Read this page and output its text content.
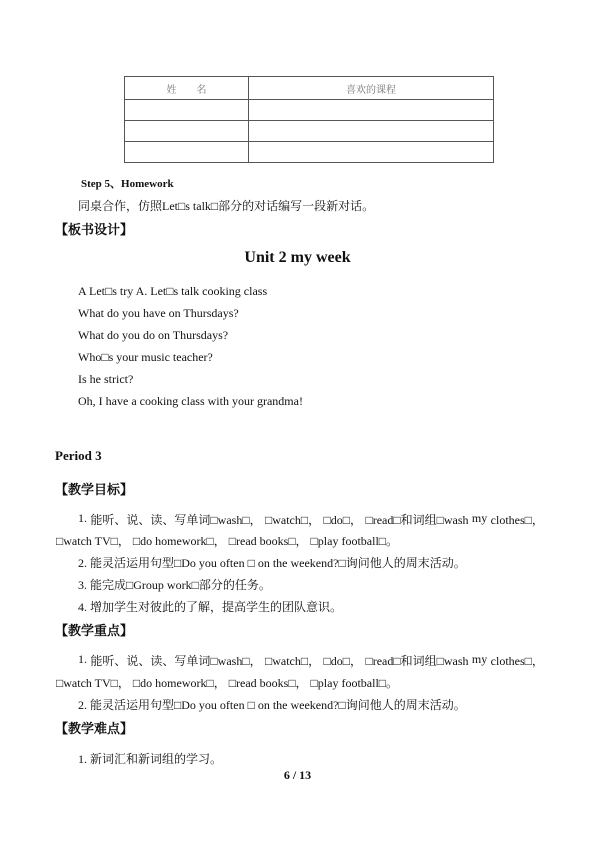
姓　　名	喜欢的课程

Step 5、Homework
同桌合作，仿照Let□s talk□部分的对话编写一段新对话。
【板书设计】
Unit 2 my week
A Let□s try A. Let□s talk cooking class
What do you have on Thursdays?
What do you do on Thursdays?
Who□s your music teacher?
Is he strict?
Oh, I have a cooking class with your grandma!
Period 3
【教学目标】
1. 能听、说、读、写单词□wash□， □watch□， □do□， □read□和词组□wash my clothes□，
□watch TV□， □do homework□， □read books□， □play football□。
2. 能灵活运用句型□Do you often □ on the weekend?□询问他人的周末活动。
3. 能完成□Group work□部分的任务。
4. 增加学生对彼此的了解，提高学生的团队意识。
【教学重点】
1. 能听、说、读、写单词□wash□， □watch□， □do□， □read□和词组□wash my clothes□，
□watch TV□， □do homework□， □read books□， □play football□。
2. 能灵活运用句型□Do you often □ on the weekend?□询问他人的周末活动。
【教学难点】
1. 新词汇和新词组的学习。
6 / 13
